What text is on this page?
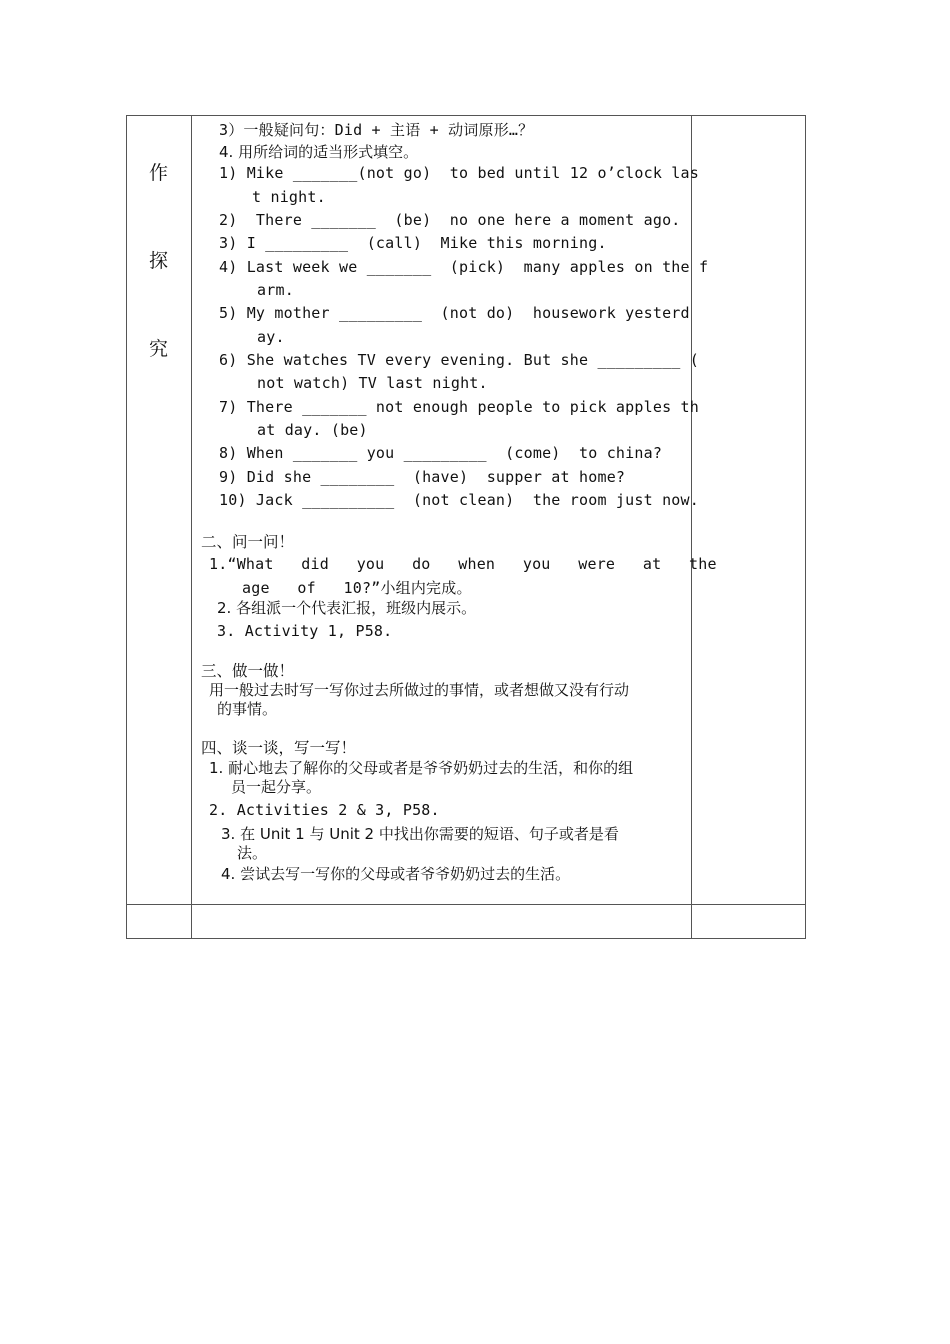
作
探
究
3）一般疑问句：Did + 主语 + 动词原形…？
4. 用所给词的适当形式填空。
1) Mike _______(not go)  to bed until 12 o’clock las
t night.
2)  There _______  (be)  no one here a moment ago.
3) I _________  (call)  Mike this morning.
4) Last week we _______  (pick)  many apples on the f
arm.
5) My mother _________  (not do)  housework yesterd
ay.
6) She watches TV every evening. But she _________ (
not watch) TV last night.
7) There _______ not enough people to pick apples th
at day. (be)
8) When _______ you _________  (come)  to china?
9) Did she ________  (have)  supper at home?
10) Jack __________  (not clean)  the room just now.
二、问一问！
1.“What   did   you   do   when   you   were   at   the
age   of   10?”小组内完成。
2. 各组派一个代表汇报，班级内展示。
3. Activity 1, P58.
三、做一做！
用一般过去时写一写你过去所做过的事情，或者想做又没有行动
的事情。
四、谈一谈，写一写！
1. 耐心地去了解你的父母或者是爷爷奶奶过去的生活，和你的组
员一起分享。
2. Activities 2 & 3, P58.
3. 在 Unit 1 与 Unit 2 中找出你需要的短语、句子或者是看
法。
4. 尝试去写一写你的父母或者爷爷奶奶过去的生活。
